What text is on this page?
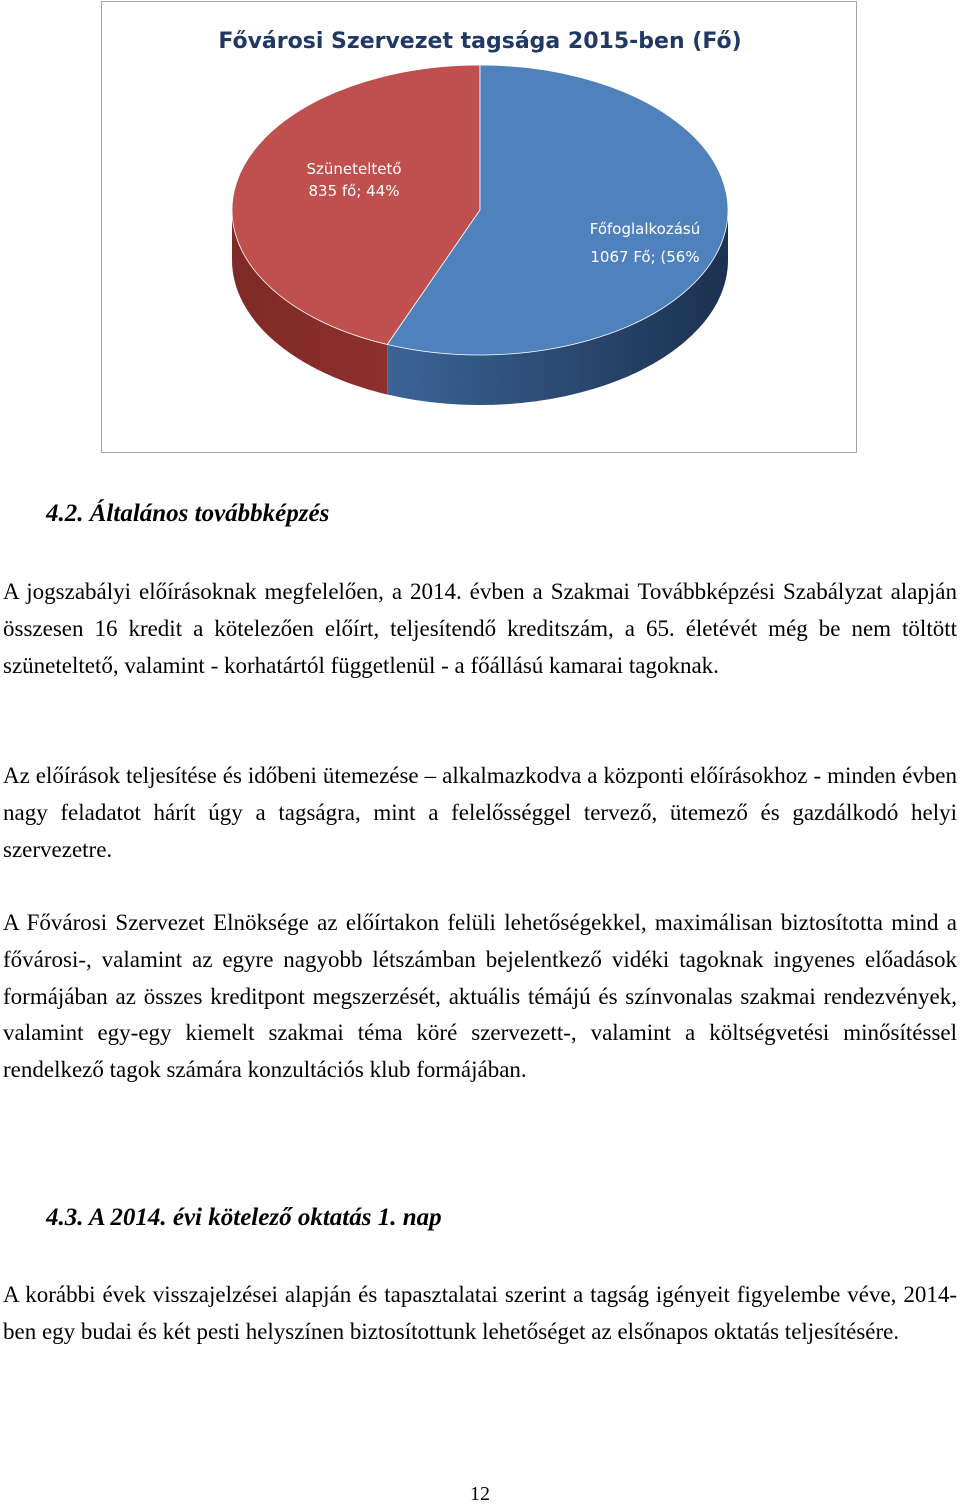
Fővárosi Szervezet tagsága 2015-ben (Fő)
Szüneteltető
835 fő; 44%
Főfoglalkozású
1067 Fő; (56%
4.2. Általános továbbképzés

A jogszabályi előírásoknak megfelelően, a 2014. évben a Szakmai Továbbképzési Szabályzat alapján összesen 16 kredit a kötelezően előírt, teljesítendő kreditszám, a 65. életévét még be nem töltött szüneteltető, valamint - korhatártól függetlenül - a főállású kamarai tagoknak.

Az előírások teljesítése és időbeni ütemezése – alkalmazkodva a központi előírásokhoz - minden évben nagy feladatot hárít úgy a tagságra, mint a felelősséggel tervező, ütemező és gazdálkodó helyi szervezetre.

A Fővárosi Szervezet Elnöksége az előírtakon felüli lehetőségekkel, maximálisan biztosította mind a fővárosi-, valamint az egyre nagyobb létszámban bejelentkező vidéki tagoknak ingyenes előadások formájában az összes kreditpont megszerzését, aktuális témájú és színvonalas szakmai rendezvények, valamint egy-egy kiemelt szakmai téma köré szervezett-, valamint a költségvetési minősítéssel rendelkező tagok számára konzultációs klub formájában.

4.3. A 2014. évi kötelező oktatás 1. nap

A korábbi évek visszajelzései alapján és tapasztalatai szerint a tagság igényeit figyelembe véve, 2014-ben egy budai és két pesti helyszínen biztosítottunk lehetőséget az elsőnapos oktatás teljesítésére.

12
